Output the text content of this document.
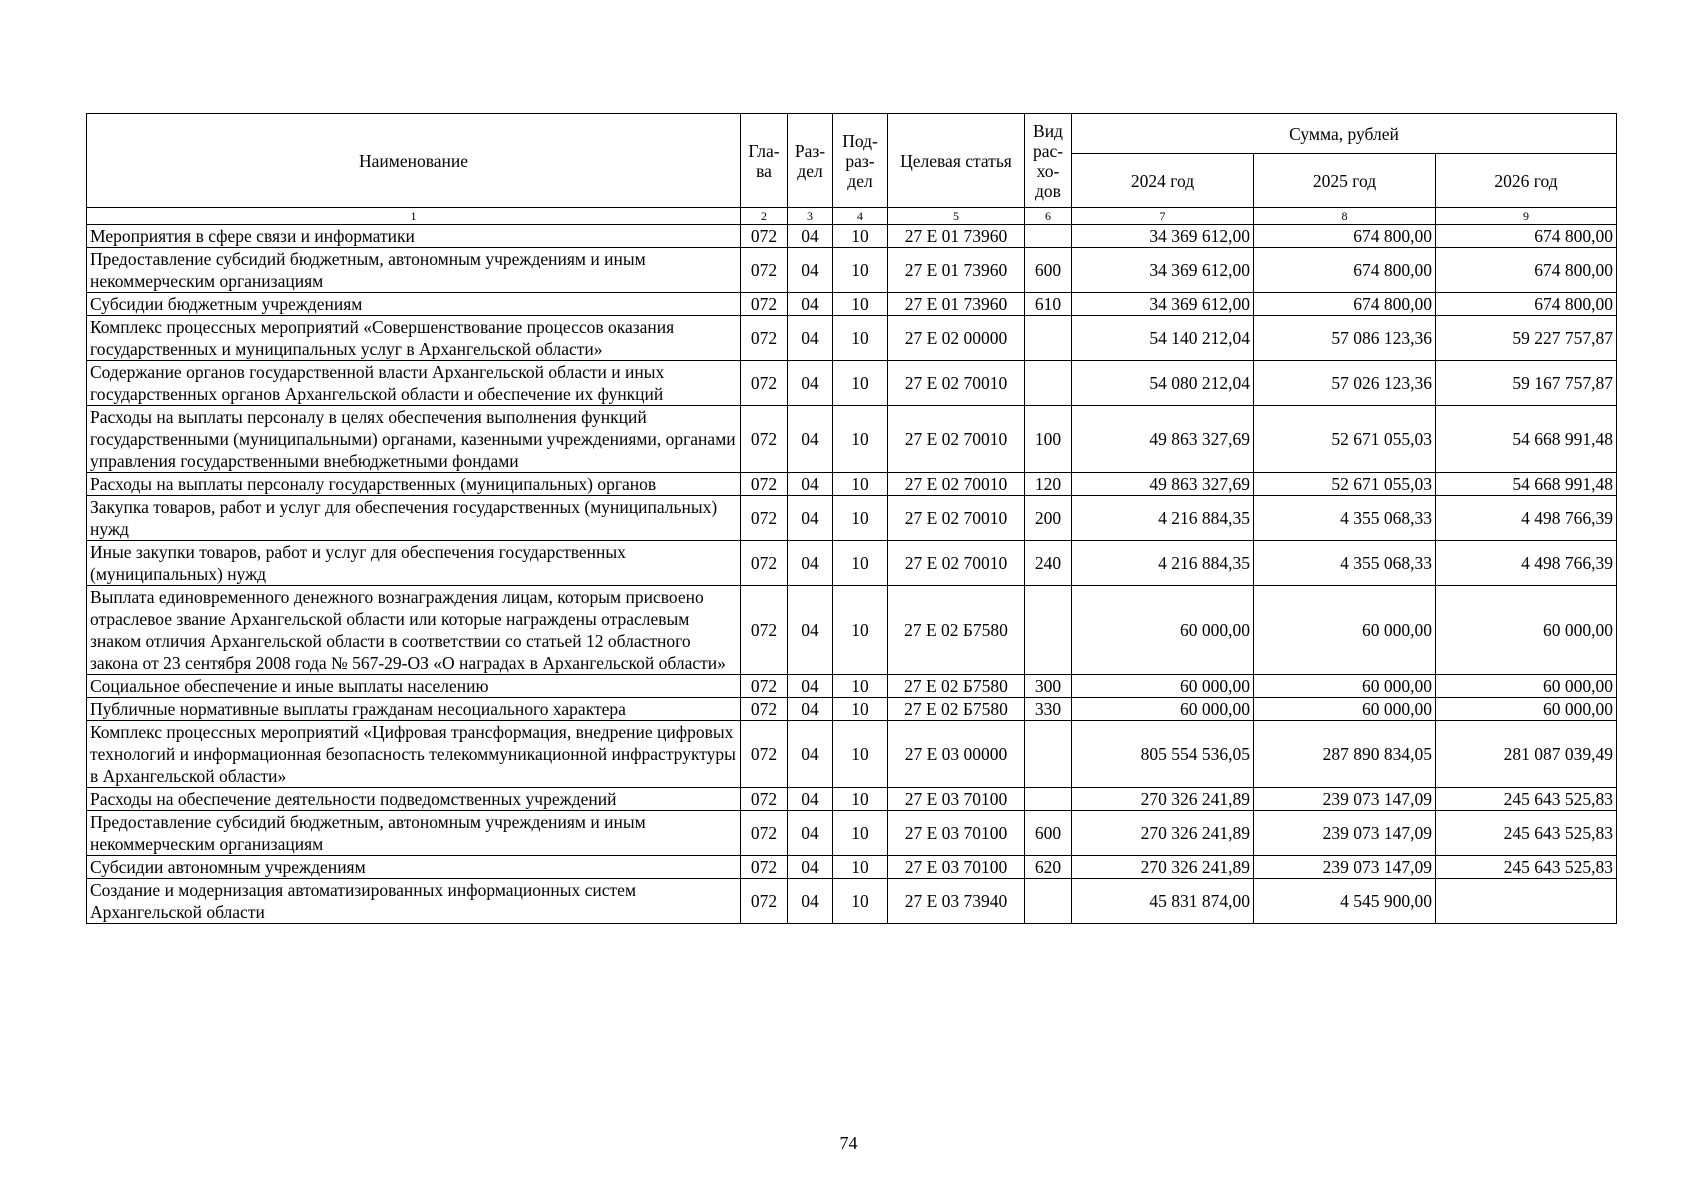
Наименование	Гла-ва	Раз-дел	Под-раз-дел	Целевая статья	Вид рас-хо-дов	Сумма, рублей		
						2024 год	2025 год	2026 год
1	2	3	4	5	6	7	8	9
Мероприятия в сфере связи и информатики	072	04	10	27 Е 01 73960		34 369 612,00	674 800,00	674 800,00
Предоставление субсидий бюджетным, автономным учреждениям и иным некоммерческим организациям	072	04	10	27 Е 01 73960	600	34 369 612,00	674 800,00	674 800,00
Субсидии бюджетным учреждениям	072	04	10	27 Е 01 73960	610	34 369 612,00	674 800,00	674 800,00
Комплекс процессных мероприятий «Совершенствование процессов оказания государственных и муниципальных услуг в Архангельской области»	072	04	10	27 Е 02 00000		54 140 212,04	57 086 123,36	59 227 757,87
Содержание органов государственной власти Архангельской области и иных государственных органов Архангельской области и обеспечение их функций	072	04	10	27 Е 02 70010		54 080 212,04	57 026 123,36	59 167 757,87
Расходы на выплаты персоналу в целях обеспечения выполнения функций государственными (муниципальными) органами, казенными учреждениями, органами управления государственными внебюджетными фондами	072	04	10	27 Е 02 70010	100	49 863 327,69	52 671 055,03	54 668 991,48
Расходы на выплаты персоналу государственных (муниципальных) органов	072	04	10	27 Е 02 70010	120	49 863 327,69	52 671 055,03	54 668 991,48
Закупка товаров, работ и услуг для обеспечения государственных (муниципальных) нужд	072	04	10	27 Е 02 70010	200	4 216 884,35	4 355 068,33	4 498 766,39
Иные закупки товаров, работ и услуг для обеспечения государственных (муниципальных) нужд	072	04	10	27 Е 02 70010	240	4 216 884,35	4 355 068,33	4 498 766,39
Выплата единовременного денежного вознаграждения лицам, которым присвоено отраслевое звание Архангельской области или которые награждены отраслевым знаком отличия Архангельской области в соответствии со статьей 12 областного закона от 23 сентября 2008 года № 567-29-ОЗ «О наградах в Архангельской области»	072	04	10	27 Е 02 Б7580		60 000,00	60 000,00	60 000,00
Социальное обеспечение и иные выплаты населению	072	04	10	27 Е 02 Б7580	300	60 000,00	60 000,00	60 000,00
Публичные нормативные выплаты гражданам несоциального характера	072	04	10	27 Е 02 Б7580	330	60 000,00	60 000,00	60 000,00
Комплекс процессных мероприятий «Цифровая трансформация, внедрение цифровых технологий и информационная безопасность телекоммуникационной инфраструктуры в Архангельской области»	072	04	10	27 Е 03 00000		805 554 536,05	287 890 834,05	281 087 039,49
Расходы на обеспечение деятельности подведомственных учреждений	072	04	10	27 Е 03 70100		270 326 241,89	239 073 147,09	245 643 525,83
Предоставление субсидий бюджетным, автономным учреждениям и иным некоммерческим организациям	072	04	10	27 Е 03 70100	600	270 326 241,89	239 073 147,09	245 643 525,83
Субсидии автономным учреждениям	072	04	10	27 Е 03 70100	620	270 326 241,89	239 073 147,09	245 643 525,83
Создание и модернизация автоматизированных информационных систем Архангельской области	072	04	10	27 Е 03 73940		45 831 874,00	4 545 900,00	
74
